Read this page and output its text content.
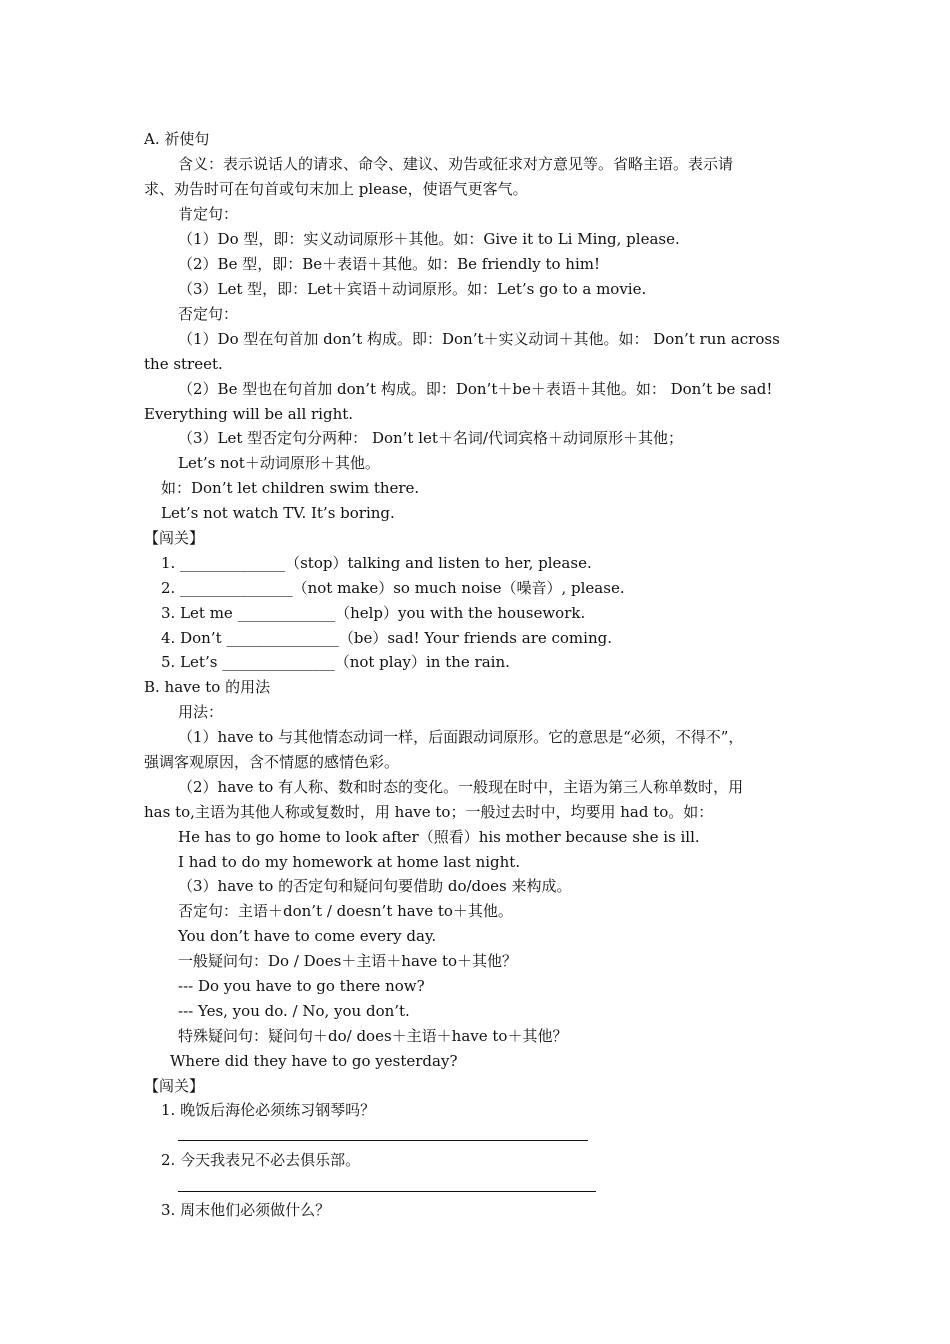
A. 祈使句
含义：表示说话人的请求、命令、建议、劝告或征求对方意见等。省略主语。表示请
求、劝告时可在句首或句末加上 please，使语气更客气。
肯定句：
（1）Do 型，即：实义动词原形＋其他。如：Give it to Li Ming, please.
（2）Be 型，即：Be＋表语＋其他。如：Be friendly to him!
（3）Let 型，即：Let＋宾语＋动词原形。如：Let’s go to a movie.
否定句：
（1）Do 型在句首加 don’t 构成。即：Don’t＋实义动词＋其他。如： Don’t run across
the street.
（2）Be 型也在句首加 don’t 构成。即：Don’t＋be＋表语＋其他。如： Don’t be sad!
Everything will be all right.
（3）Let 型否定句分两种： Don’t let＋名词/代词宾格＋动词原形＋其他；
Let’s not＋动词原形＋其他。
如：Don’t let children swim there.
Let’s not watch TV. It’s boring.
【闯关】
1. ______________（stop）talking and listen to her, please.
2. _______________（not make）so much noise（噪音）, please.
3. Let me _____________（help）you with the housework.
4. Don’t _______________（be）sad! Your friends are coming.
5. Let’s _______________（not play）in the rain.
B. have to 的用法
用法：
（1）have to 与其他情态动词一样，后面跟动词原形。它的意思是“必须，不得不”，
强调客观原因，含不情愿的感情色彩。
（2）have to 有人称、数和时态的变化。一般现在时中，主语为第三人称单数时，用
has to,主语为其他人称或复数时，用 have to；一般过去时中，均要用 had to。如：
He has to go home to look after（照看）his mother because she is ill.
I had to do my homework at home last night.
（3）have to 的否定句和疑问句要借助 do/does 来构成。
否定句：主语＋don’t / doesn’t have to＋其他。
You don’t have to come every day.
一般疑问句：Do / Does＋主语＋have to＋其他？
--- Do you have to go there now?
--- Yes, you do. / No, you don’t.
特殊疑问句：疑问句＋do/ does＋主语＋have to＋其他？
Where did they have to go yesterday?
【闯关】
1. 晚饭后海伦必须练习钢琴吗？
2. 今天我表兄不必去俱乐部。
3. 周末他们必须做什么？
